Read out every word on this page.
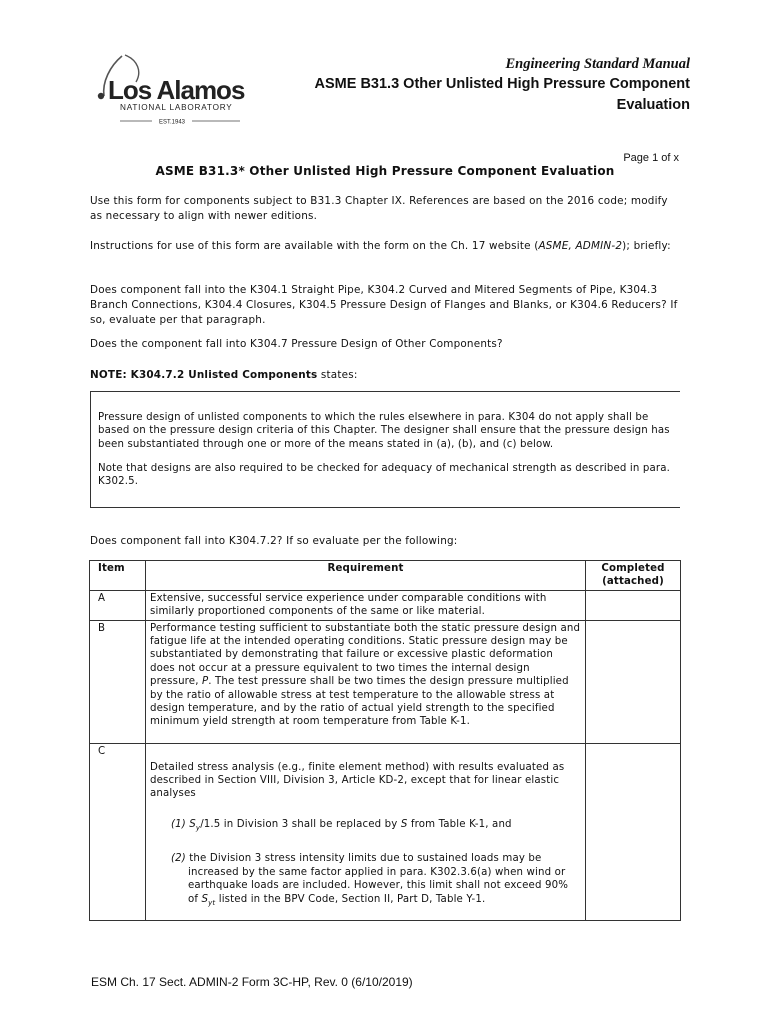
Los Alamos
NATIONAL LABORATORY
EST.1943
Engineering Standard Manual
ASME B31.3 Other Unlisted High Pressure Component
Evaluation
Page 1 of x
ASME B31.3* Other Unlisted High Pressure Component Evaluation
Use this form for components subject to B31.3 Chapter IX. References are based on the 2016 code; modify as necessary to align with newer editions.
Instructions for use of this form are available with the form on the Ch. 17 website (ASME, ADMIN-2); briefly:
Does component fall into the K304.1 Straight Pipe, K304.2 Curved and Mitered Segments of Pipe, K304.3 Branch Connections, K304.4 Closures, K304.5 Pressure Design of Flanges and Blanks, or K304.6 Reducers? If so, evaluate per that paragraph.
Does the component fall into K304.7 Pressure Design of Other Components?
NOTE: K304.7.2 Unlisted Components states:

Pressure design of unlisted components to which the rules elsewhere in para. K304 do not apply shall be based on the pressure design criteria of this Chapter. The designer shall ensure that the pressure design has been substantiated through one or more of the means stated in (a), (b), and (c) below.

Note that designs are also required to be checked for adequacy of mechanical strength as described in para. K302.5.

Does component fall into K304.7.2? If so evaluate per the following:
Item	Requirement	Completed (attached)
A	Extensive, successful service experience under comparable conditions with similarly proportioned components of the same or like material.	
B	Performance testing sufficient to substantiate both the static pressure design and fatigue life at the intended operating conditions. Static pressure design may be substantiated by demonstrating that failure or excessive plastic deformation does not occur at a pressure equivalent to two times the internal design pressure, P. The test pressure shall be two times the design pressure multiplied by the ratio of allowable stress at test temperature to the allowable stress at design temperature, and by the ratio of actual yield strength to the specified minimum yield strength at room temperature from Table K-1.	
C	Detailed stress analysis (e.g., finite element method) with results evaluated as described in Section VIII, Division 3, Article KD-2, except that for linear elastic analyses

(1) $S_y/1.5$ in Division 3 shall be replaced by S from Table K-1, and

(2) the Division 3 stress intensity limits due to sustained loads may be increased by the same factor applied in para. K302.3.6(a) when wind or earthquake loads are included. However, this limit shall not exceed 90% of $S_{yt}$ listed in the BPV Code, Section II, Part D, Table Y-1.	

ESM Ch. 17 Sect. ADMIN-2 Form 3C-HP, Rev. 0 (6/10/2019)
